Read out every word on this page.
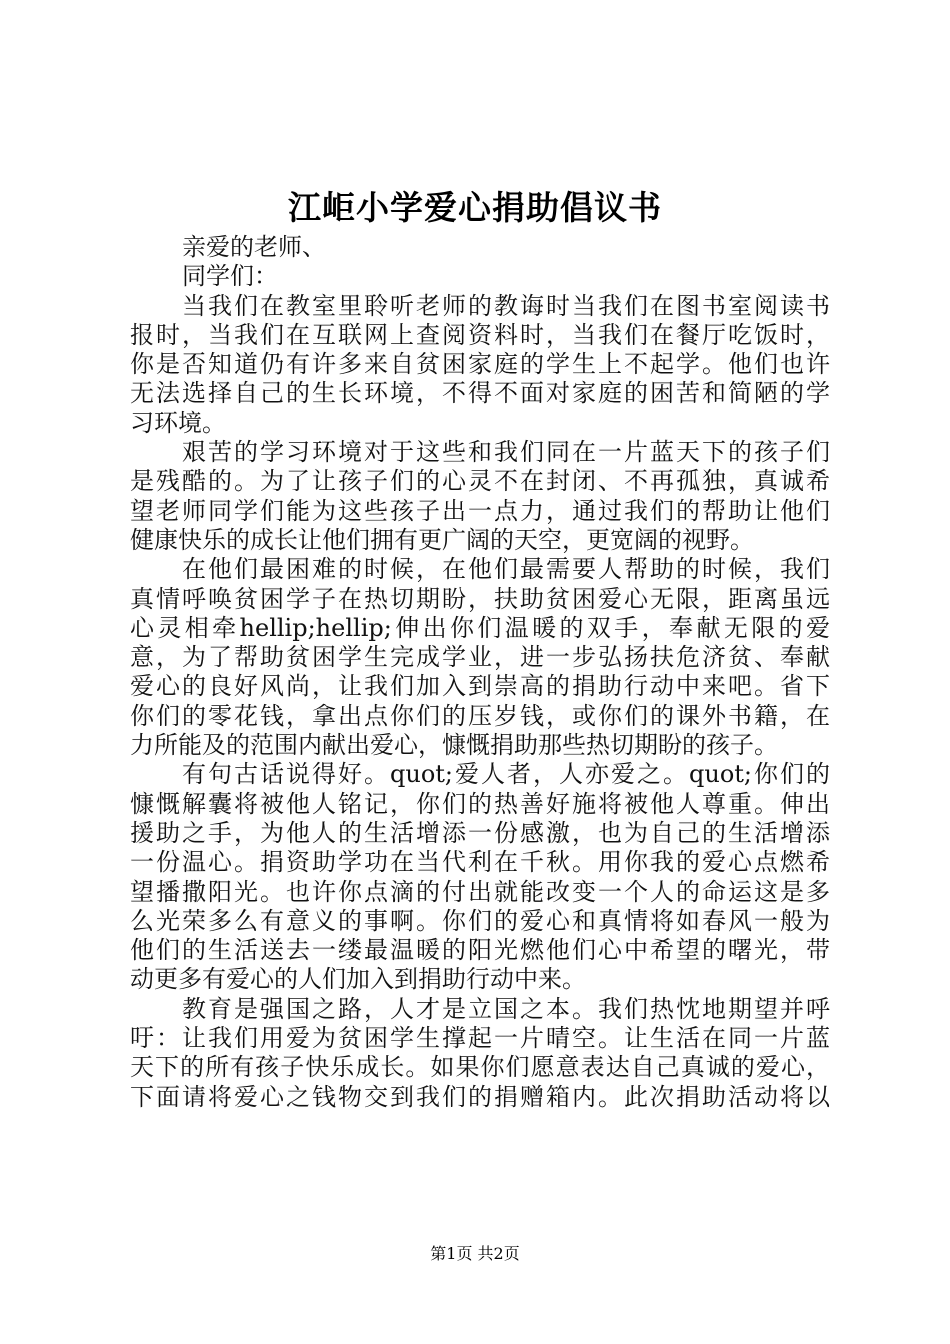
江岠小学爱心捐助倡议书
亲爱的老师、
同学们：
当我们在教室里聆听老师的教诲时当我们在图书室阅读书
报时，当我们在互联网上查阅资料时，当我们在餐厅吃饭时，
你是否知道仍有许多来自贫困家庭的学生上不起学。他们也许
无法选择自己的生长环境，不得不面对家庭的困苦和简陋的学
习环境。
艰苦的学习环境对于这些和我们同在一片蓝天下的孩子们
是残酷的。为了让孩子们的心灵不在封闭、不再孤独，真诚希
望老师同学们能为这些孩子出一点力，通过我们的帮助让他们
健康快乐的成长让他们拥有更广阔的天空，更宽阔的视野。
在他们最困难的时候，在他们最需要人帮助的时候，我们
真情呼唤贫困学子在热切期盼，扶助贫困爱心无限，距离虽远
心灵相牵hellip;hellip;伸出你们温暖的双手，奉献无限的爱
意，为了帮助贫困学生完成学业，进一步弘扬扶危济贫、奉献
爱心的良好风尚，让我们加入到崇高的捐助行动中来吧。省下
你们的零花钱，拿出点你们的压岁钱，或你们的课外书籍，在
力所能及的范围内献出爱心，慷慨捐助那些热切期盼的孩子。
有句古话说得好。quot;爱人者，人亦爱之。quot;你们的
慷慨解囊将被他人铭记，你们的热善好施将被他人尊重。伸出
援助之手，为他人的生活增添一份感激，也为自己的生活增添
一份温心。捐资助学功在当代利在千秋。用你我的爱心点燃希
望播撒阳光。也许你点滴的付出就能改变一个人的命运这是多
么光荣多么有意义的事啊。你们的爱心和真情将如春风一般为
他们的生活送去一缕最温暖的阳光燃他们心中希望的曙光，带
动更多有爱心的人们加入到捐助行动中来。
教育是强国之路，人才是立国之本。我们热忱地期望并呼
吁：让我们用爱为贫困学生撑起一片晴空。让生活在同一片蓝
天下的所有孩子快乐成长。如果你们愿意表达自己真诚的爱心，
下面请将爱心之钱物交到我们的捐赠箱内。此次捐助活动将以
第1页 共2页
